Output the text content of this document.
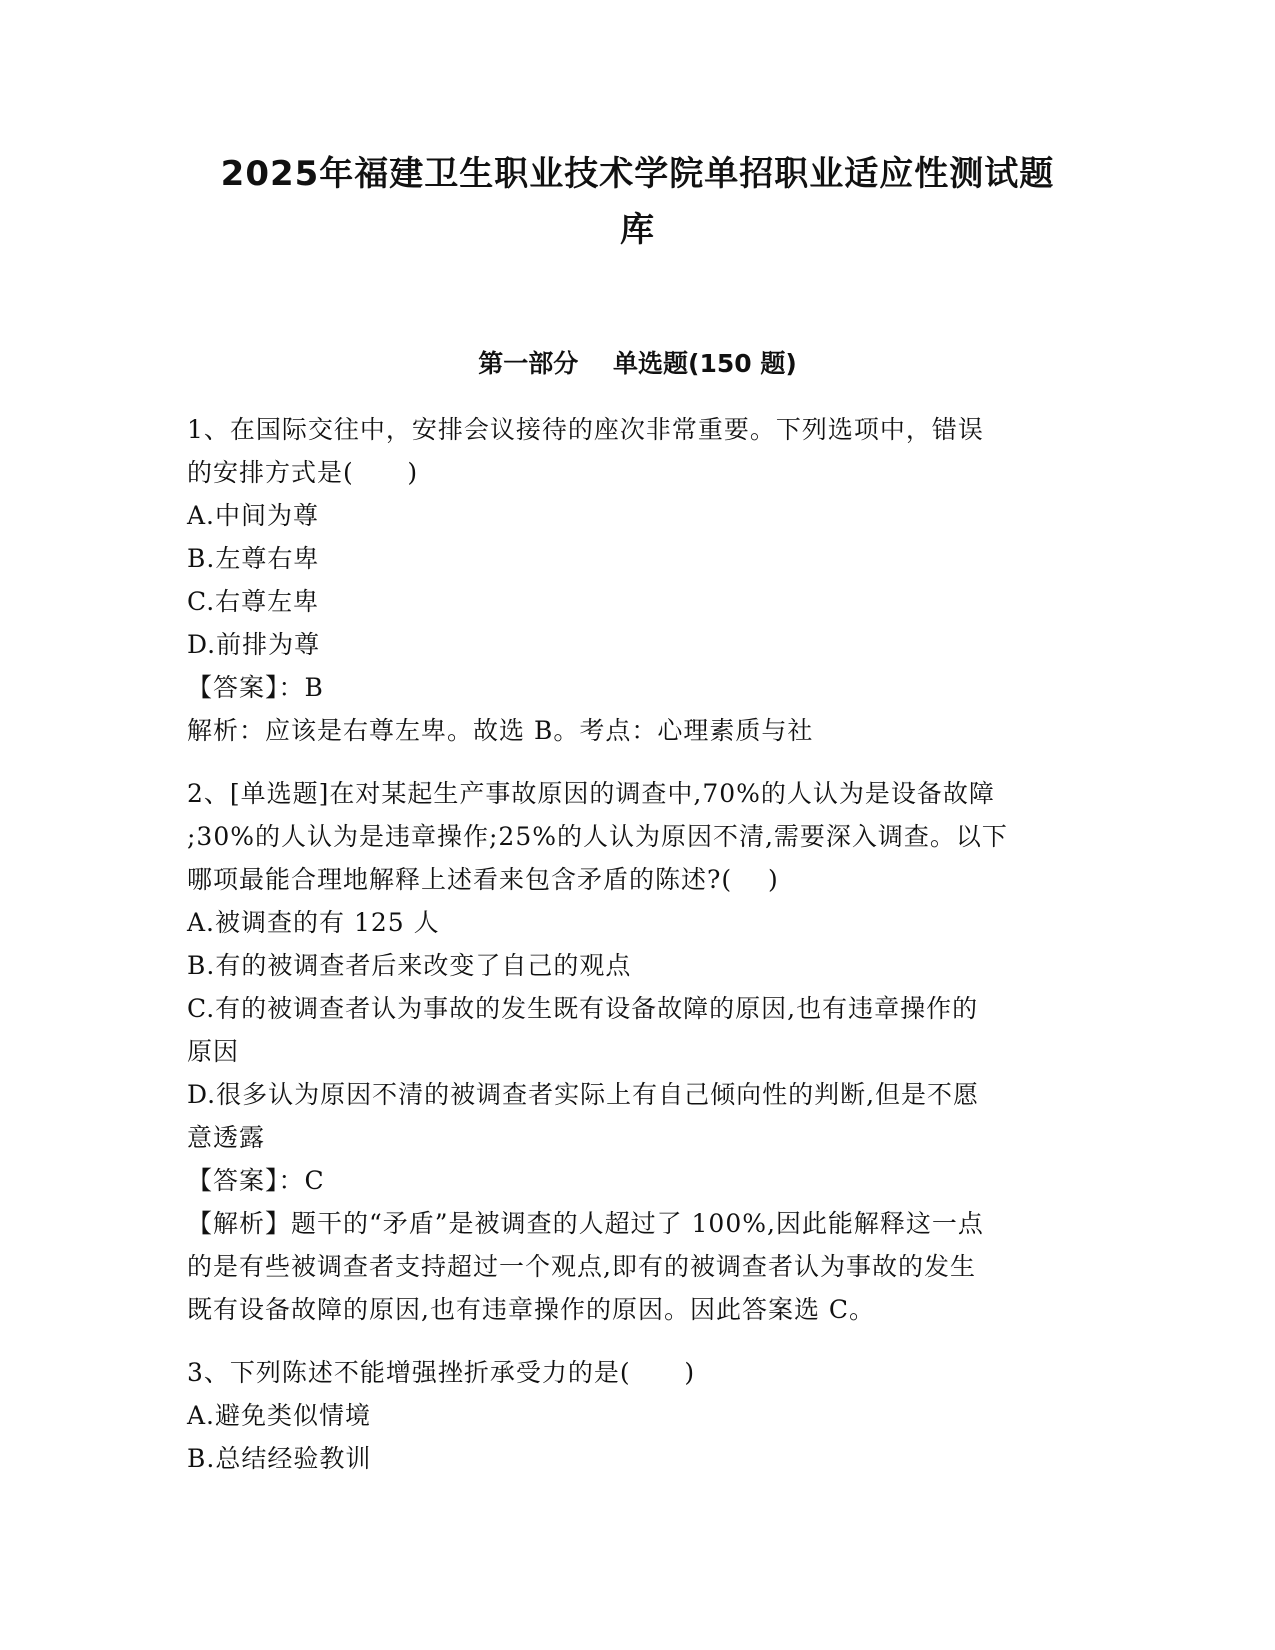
2025年福建卫生职业技术学院单招职业适应性测试题
库
第一部分    单选题(150 题)
1、在国际交往中，安排会议接待的座次非常重要。下列选项中，错误
的安排方式是(      )
A.中间为尊
B.左尊右卑
C.右尊左卑
D.前排为尊
【答案】：B
解析：应该是右尊左卑。故选 B。考点：心理素质与社
2、[单选题]在对某起生产事故原因的调查中,70%的人认为是设备故障
;30%的人认为是违章操作;25%的人认为原因不清,需要深入调查。以下
哪项最能合理地解释上述看来包含矛盾的陈述?(    )
A.被调查的有 125 人
B.有的被调查者后来改变了自己的观点
C.有的被调查者认为事故的发生既有设备故障的原因,也有违章操作的
原因
D.很多认为原因不清的被调查者实际上有自己倾向性的判断,但是不愿
意透露
【答案】：C
【解析】题干的“矛盾”是被调查的人超过了 100%,因此能解释这一点
的是有些被调查者支持超过一个观点,即有的被调查者认为事故的发生
既有设备故障的原因,也有违章操作的原因。因此答案选 C。
3、下列陈述不能增强挫折承受力的是(      )
A.避免类似情境
B.总结经验教训
